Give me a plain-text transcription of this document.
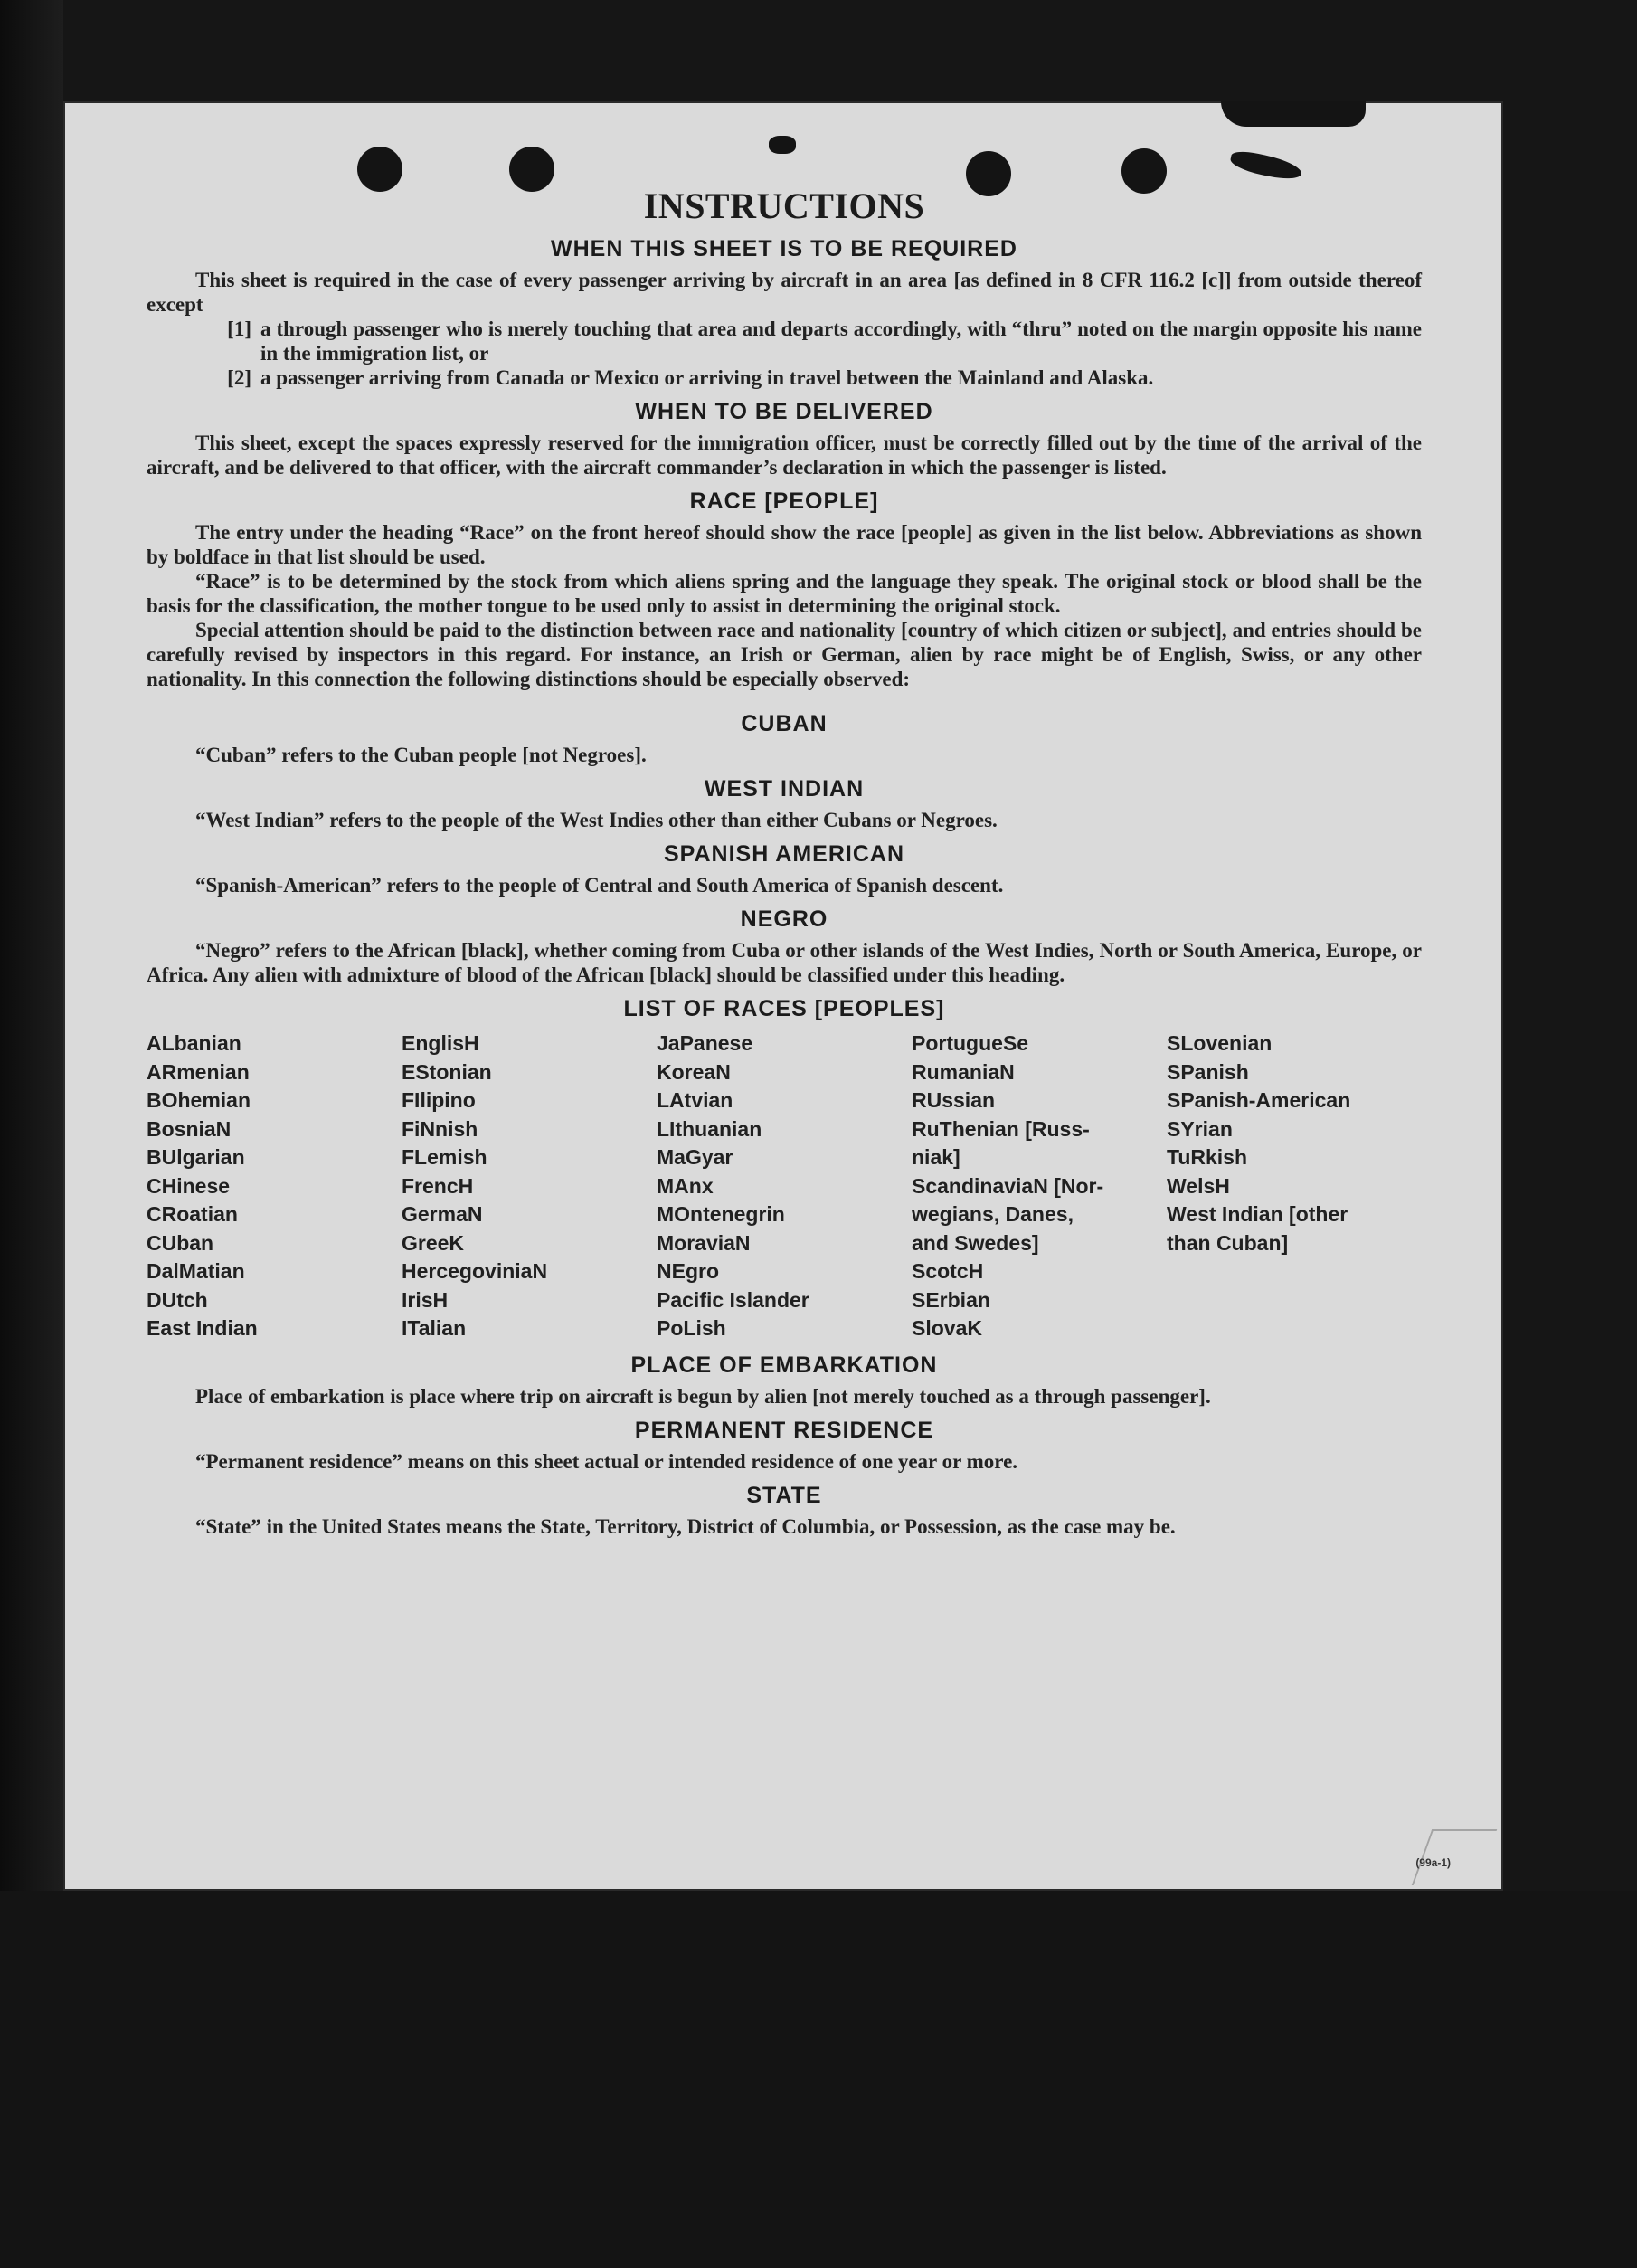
INSTRUCTIONS
WHEN THIS SHEET IS TO BE REQUIRED

This sheet is required in the case of every passenger arriving by aircraft in an area [as defined in 8 CFR 116.2 [c]] from outside thereof except

[1] a through passenger who is merely touching that area and departs accordingly, with “thru” noted on the margin opposite his name in the immigration list, or
[2] a passenger arriving from Canada or Mexico or arriving in travel between the Mainland and Alaska.
WHEN TO BE DELIVERED

This sheet, except the spaces expressly reserved for the immigration officer, must be correctly filled out by the time of the arrival of the aircraft, and be delivered to that officer, with the aircraft commander’s declaration in which the passenger is listed.

RACE [PEOPLE]

The entry under the heading “Race” on the front hereof should show the race [people] as given in the list below. Abbreviations as shown by boldface in that list should be used.

“Race” is to be determined by the stock from which aliens spring and the language they speak. The original stock or blood shall be the basis for the classification, the mother tongue to be used only to assist in determining the original stock.

Special attention should be paid to the distinction between race and nationality [country of which citizen or subject], and entries should be carefully revised by inspectors in this regard. For instance, an Irish or German, alien by race might be of English, Swiss, or any other nationality. In this connection the following distinctions should be especially observed:

CUBAN

“Cuban” refers to the Cuban people [not Negroes].

WEST INDIAN

“West Indian” refers to the people of the West Indies other than either Cubans or Negroes.

SPANISH AMERICAN

“Spanish-American” refers to the people of Central and South America of Spanish descent.

NEGRO

“Negro” refers to the African [black], whether coming from Cuba or other islands of the West Indies, North or South America, Europe, or Africa. Any alien with admixture of blood of the African [black] should be classified under this heading.

LIST OF RACES [PEOPLES]
ALbanian
ARmenian
BOhemian
BosniaN
BUlgarian
CHinese
CRoatian
CUban
DalMatian
DUtch
East Indian
EnglisH
EStonian
FIlipino
FiNnish
FLemish
FrencH
GermaN
GreeK
HercegoviniaN
IrisH
ITalian
JaPanese
KoreaN
LAtvian
LIthuanian
MaGyar
MAnx
MOntenegrin
MoraviaN
NEgro
Pacific Islander
PoLish
PortugueSe
RumaniaN
RUssian
RuThenian [Russ-
niak]
ScandinaviaN [Nor-
wegians, Danes,
and Swedes]
ScotcH
SErbian
SlovaK
SLovenian
SPanish
SPanish-American
SYrian
TuRkish
WelsH
West Indian [other
than Cuban]
PLACE OF EMBARKATION

Place of embarkation is place where trip on aircraft is begun by alien [not merely touched as a through passenger].

PERMANENT RESIDENCE

“Permanent residence” means on this sheet actual or intended residence of one year or more.

STATE

“State” in the United States means the State, Territory, District of Columbia, or Possession, as the case may be.

(99a-1)
